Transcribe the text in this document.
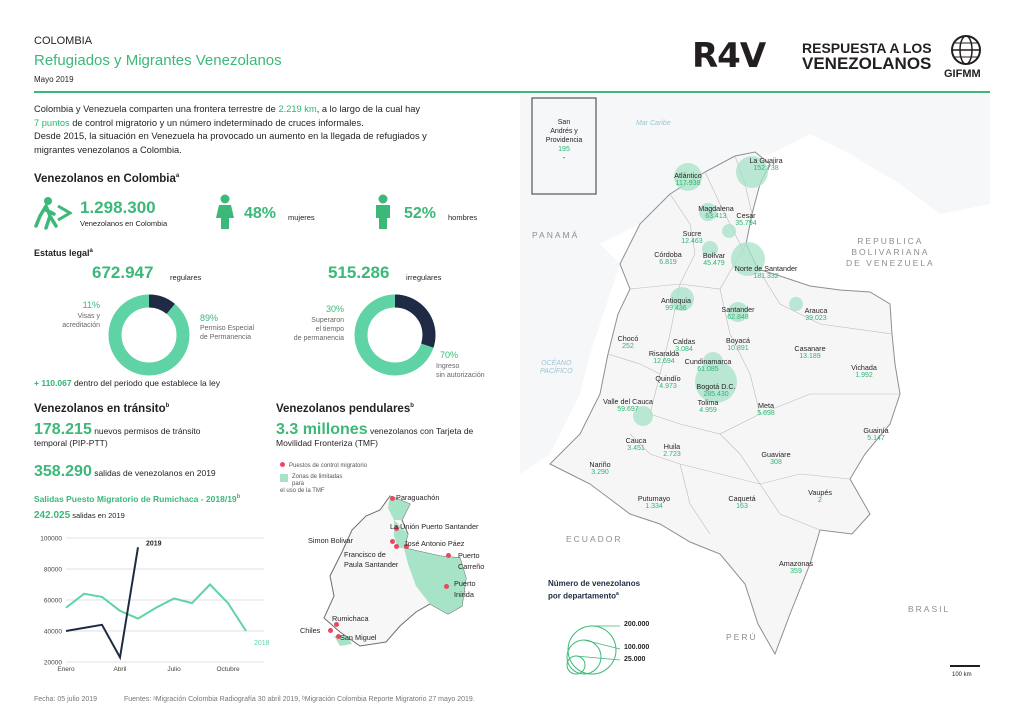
COLOMBIA
Refugiados y Migrantes Venezolanos
Mayo 2019
R4V	RESPUESTA A LOS
VENEZOLANOS
GIFMM
Colombia y Venezuela comparten una frontera terrestre de 2.219 km, a lo largo de la cual hay
7 puntos de control migratorio y un número indeterminado de cruces informales.
Desde 2015, la situación en Venezuela ha provocado un aumento en la llegada de refugiados y
migrantes venezolanos a Colombia.
Venezolanos en Colombia$^a$
1.298.300
Venezolanos en Colombia
48% mujeres	52% hombres
Estatus legal$^a$
672.947 regulares	515.286 irregulares
11%
Visas y
acreditación
89%
Permiso Especial
de Permanencia
30%
Superaron
el tiempo
de permanencia
70%
Ingreso
sin autorización
+ 110.067 dentro del periodo que establece la ley
Venezolanos en tránsito$^b$
178.215 nuevos permisos de tránsito
temporal (PIP-PTT)
358.290 salidas de venezolanos en 2019
Salidas Puesto Migratorio de Rumichaca - 2018/19$^b$
242.025 salidas en 2019
100000
80000
60000
40000
20000
Enero	Abril	Julio	Octubre
2018
2019
Venezolanos pendulares$^b$
3.3 millones venezolanos con Tarjeta de
Movilidad Fronteriza (TMF)
Puestos de control migratorio
Zonas de limitadas para
el uso de la TMF
Paraguachón
La Unión Puerto Santander
Simon Bolivar	José Antonio Páez
Francisco de
Paula Santander
Puerto
Carreño
Puerto
Inirida
Rumichaca
Chiles
San Miguel
PANAMÁ
REPUBLICA
BOLIVARIANA
DE VENEZUELA
ECUADOR
BRASIL
PERÚ
Mar Caribe
OCÉANO
PACÍFICO
San
Andrés y
Providencia
195
-	La Guajira
152.738
Atlántico
117.938
Magdalena
63.413	Cesar
35.794
Sucre
12.463
Córdoba
6.819
Bolívar
45.479
Norte de Santander
181.332
Antioquia
99.436	Santander
62.848
Arauca
39.023
Chocó
252
Caldas
3.084
Risaralda
12.694
Boyacá
10.891	Casanare
13.189
Cundinamarca
61.085
Quindío
4.973	Bogotá D.C.
285.430
Vichada
1.992
Valle del Cauca
59.697
Tolima
4.959
Meta
5.698
Guainía
5.147
Cauca
3.451	Huila
2.723	Guaviare
308
Nariño
3.290
Putumayo
1.334
Caquetá
163
Vaupés
2
Amazonas
359
Número de venezolanos
por departamento$^a$
200.000
100.000
25.000
100 km
Fecha: 05 julio 2019	Fuentes: ᵃMigración Colombia Radiografía 30 abril 2019, ᵇMigración Colombia Reporte Migratorio 27 mayo 2019.
